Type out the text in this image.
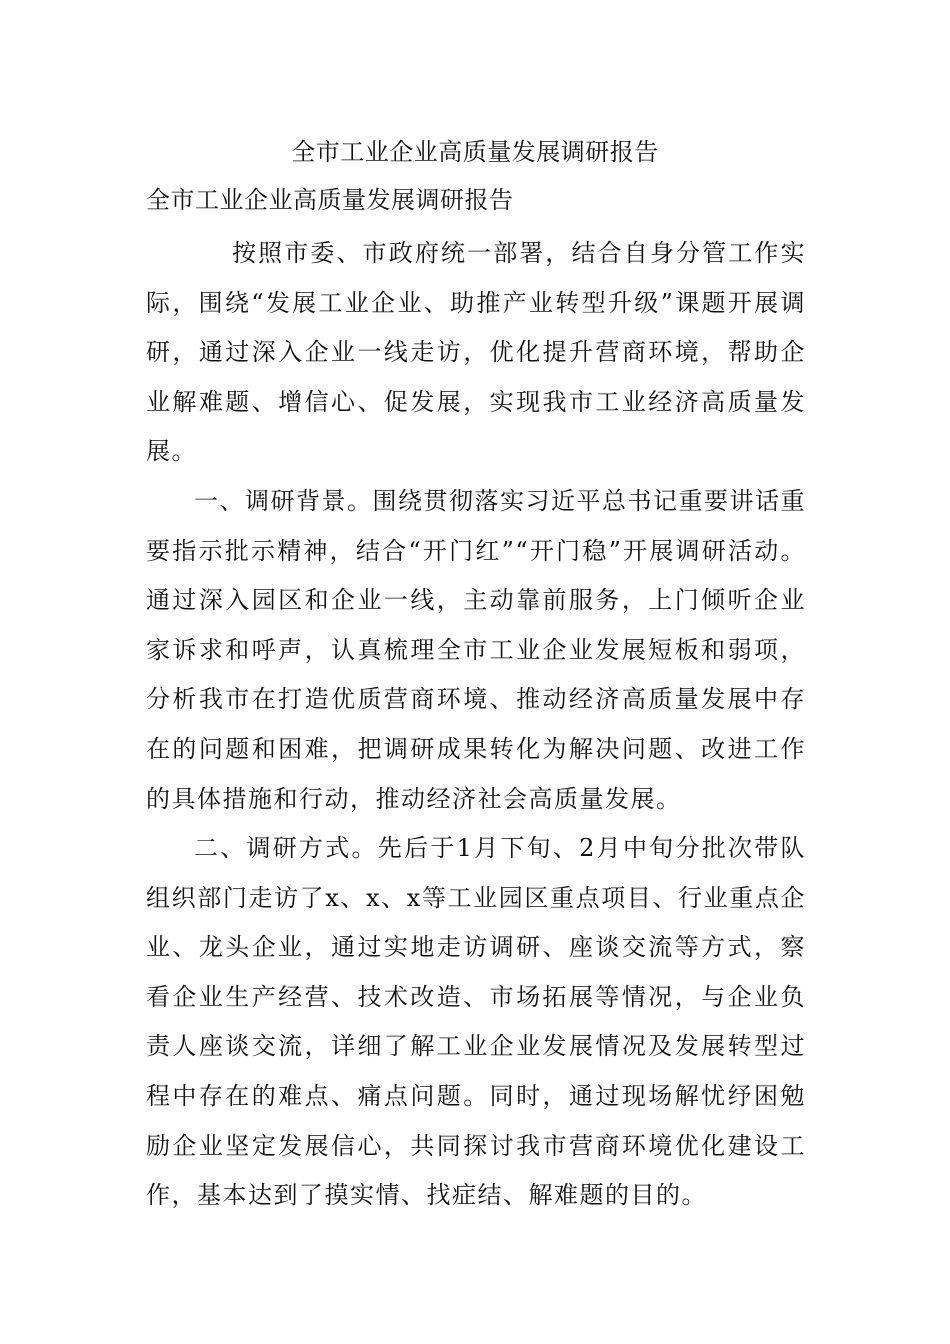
全市工业企业高质量发展调研报告
全市工业企业高质量发展调研报告

按照市委、市政府统一部署，结合自身分管工作实际，围绕“发展工业企业、助推产业转型升级”课题开展调研，通过深入企业一线走访，优化提升营商环境，帮助企业解难题、增信心、促发展，实现我市工业经济高质量发展。

一、调研背景。围绕贯彻落实习近平总书记重要讲话重要指示批示精神，结合“开门红”“开门稳”开展调研活动。通过深入园区和企业一线，主动靠前服务，上门倾听企业家诉求和呼声，认真梳理全市工业企业发展短板和弱项，分析我市在打造优质营商环境、推动经济高质量发展中存在的问题和困难，把调研成果转化为解决问题、改进工作的具体措施和行动，推动经济社会高质量发展。

二、调研方式。先后于1月下旬、2月中旬分批次带队组织部门走访了x、x、x等工业园区重点项目、行业重点企业、龙头企业，通过实地走访调研、座谈交流等方式，察看企业生产经营、技术改造、市场拓展等情况，与企业负责人座谈交流，详细了解工业企业发展情况及发展转型过程中存在的难点、痛点问题。同时，通过现场解忧纾困勉励企业坚定发展信心，共同探讨我市营商环境优化建设工作，基本达到了摸实情、找症结、解难题的目的。
